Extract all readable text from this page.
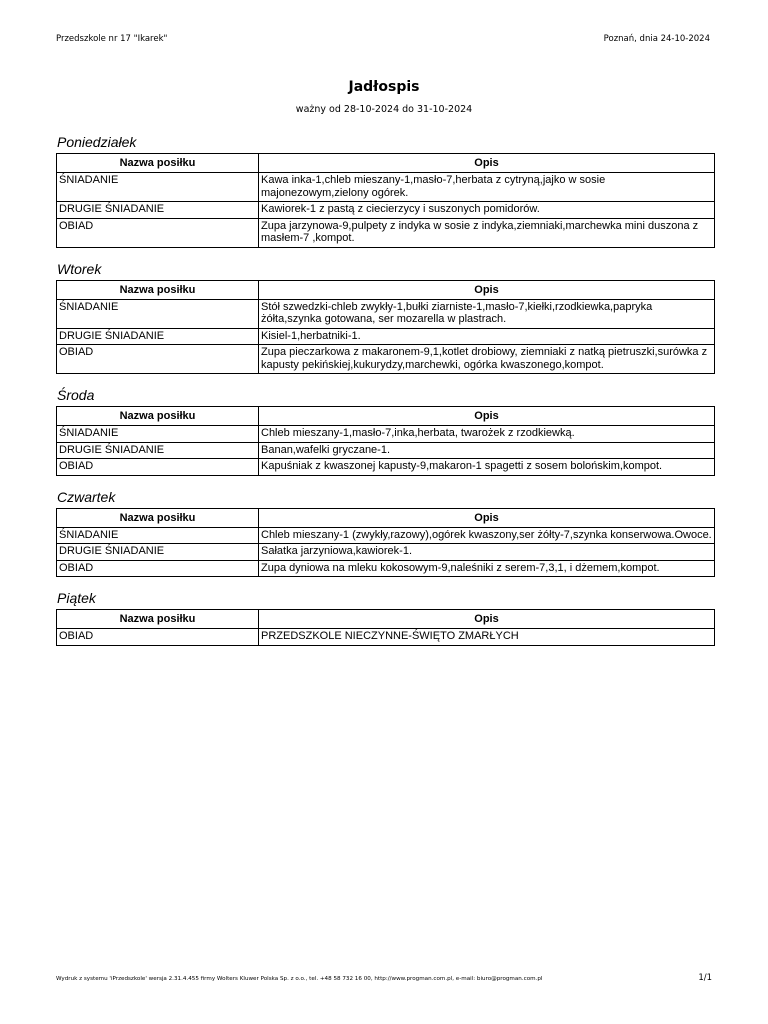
Przedszkole nr 17 "Ikarek"	Poznań, dnia 24-10-2024
Jadłospis
ważny od 28-10-2024 do 31-10-2024
Poniedziałek
Nazwa posiłku	Opis
ŚNIADANIE	Kawa inka-1,chleb mieszany-1,masło-7,herbata z cytryną,jajko w sosie majonezowym,zielony ogórek.
DRUGIE ŚNIADANIE	Kawiorek-1 z pastą z ciecierzycy i suszonych pomidorów.
OBIAD	Zupa jarzynowa-9,pulpety z indyka w sosie z indyka,ziemniaki,marchewka mini duszona z masłem-7 ,kompot.
Wtorek
Nazwa posiłku	Opis
ŚNIADANIE	Stół szwedzki-chleb zwykły-1,bułki ziarniste-1,masło-7,kiełki,rzodkiewka,papryka żółta,szynka gotowana, ser mozarella w plastrach.
DRUGIE ŚNIADANIE	Kisiel-1,herbatniki-1.
OBIAD	Zupa pieczarkowa z makaronem-9,1,kotlet drobiowy, ziemniaki z natką pietruszki,surówka z kapusty pekińskiej,kukurydzy,marchewki, ogórka kwaszonego,kompot.
Środa
Nazwa posiłku	Opis
ŚNIADANIE	Chleb mieszany-1,masło-7,inka,herbata, twarożek z rzodkiewką.
DRUGIE ŚNIADANIE	Banan,wafelki gryczane-1.
OBIAD	Kapuśniak z kwaszonej kapusty-9,makaron-1 spagetti z sosem bolońskim,kompot.
Czwartek
Nazwa posiłku	Opis
ŚNIADANIE	Chleb mieszany-1 (zwykły,razowy),ogórek kwaszony,ser żółty-7,szynka konserwowa.Owoce.
DRUGIE ŚNIADANIE	Sałatka jarzyniowa,kawiorek-1.
OBIAD	Zupa dyniowa na mleku kokosowym-9,naleśniki z serem-7,3,1, i dżemem,kompot.
Piątek
Nazwa posiłku	Opis
OBIAD	PRZEDSZKOLE NIECZYNNE-ŚWIĘTO ZMARŁYCH
Wydruk z systemu 'iPrzedszkole' wersja 2.31.4.455 firmy Wolters Kluwer Polska Sp. z o.o., tel. +48 58 732 16 00, http://www.progman.com.pl, e-mail: biuro@progman.com.pl	1/1
